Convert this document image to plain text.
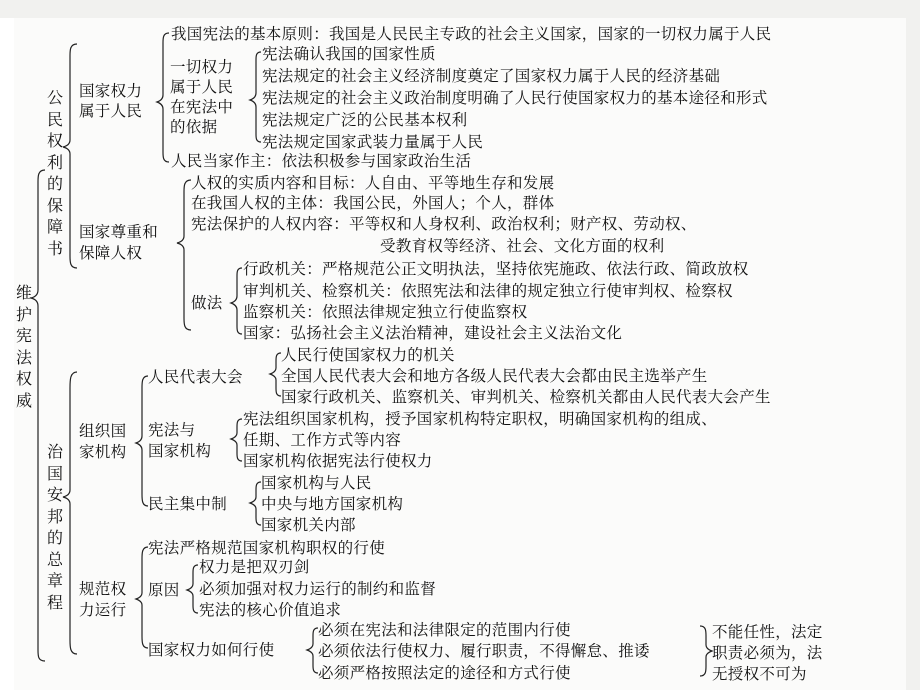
维护宪法权威
公民权利的保障书
国家权力
属于人民
我国宪法的基本原则：我国是人民民主专政的社会主义国家，国家的一切权力属于人民
一切权力
属于人民
在宪法中
的依据
宪法确认我国的国家性质
宪法规定的社会主义经济制度奠定了国家权力属于人民的经济基础
宪法规定的社会主义政治制度明确了人民行使国家权力的基本途径和形式
宪法规定广泛的公民基本权利
宪法规定国家武装力量属于人民
人民当家作主：依法积极参与国家政治生活
国家尊重和
保障人权
人权的实质内容和目标：人自由、平等地生存和发展
在我国人权的主体：我国公民，外国人；个人，群体
宪法保护的人权内容：平等权和人身权利、政治权利；财产权、劳动权、
受教育权等经济、社会、文化方面的权利
做法
行政机关：严格规范公正文明执法，坚持依宪施政、依法行政、简政放权
审判机关、检察机关：依照宪法和法律的规定独立行使审判权、检察权
监察机关：依照法律规定独立行使监察权
国家：弘扬社会主义法治精神，建设社会主义法治文化
治国安邦的总章程
组织国
家机构
人民代表大会
人民行使国家权力的机关
全国人民代表大会和地方各级人民代表大会都由民主选举产生
国家行政机关、监察机关、审判机关、检察机关都由人民代表大会产生
宪法与
国家机构
宪法组织国家机构，授予国家机构特定职权，明确国家机构的组成、
任期、工作方式等内容
国家机构依据宪法行使权力
民主集中制
国家机构与人民
中央与地方国家机构
国家机关内部
规范权
力运行
宪法严格规范国家机构职权的行使
原因
权力是把双刃剑
必须加强对权力运行的制约和监督
宪法的核心价值追求
国家权力如何行使
必须在宪法和法律限定的范围内行使
必须依法行使权力、履行职责，不得懈怠、推诿
必须严格按照法定的途径和方式行使
不能任性，法定
职责必须为，法
无授权不可为
